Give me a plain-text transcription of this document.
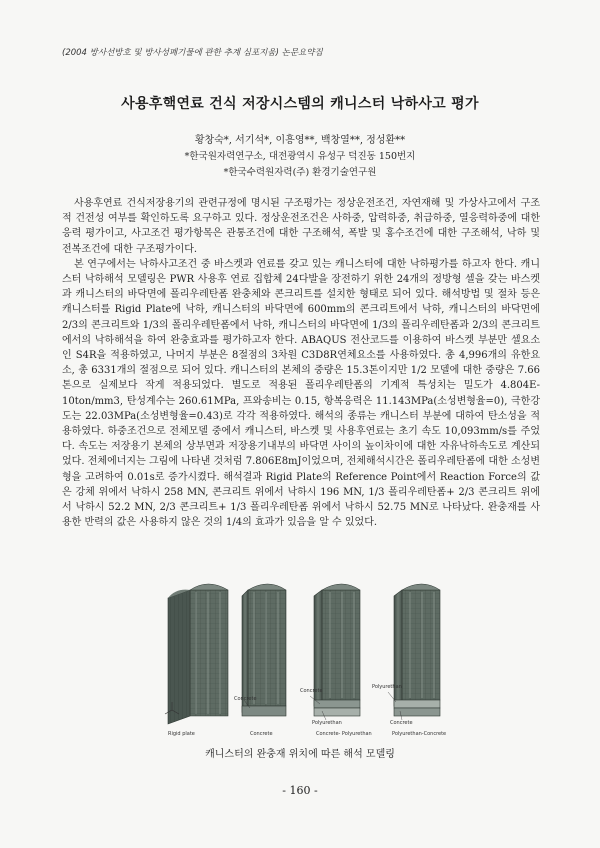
(2004 방사선방호 및 방사성폐기물에 관한 추계 심포지움) 논문요약집
사용후핵연료 건식 저장시스템의 캐니스터 낙하사고 평가
황창숙*, 서기석*, 이흥영**, 백창열**, 정성환**
*한국원자력연구소, 대전광역시 유성구 덕진동 150번지
*한국수력원자력(주) 환경기술연구원

사용후연료 건식저장용기의 관련규정에 명시된 구조평가는 정상운전조건, 자연재해 및 가상사고에서 구조적 건전성 여부를 확인하도록 요구하고 있다. 정상운전조건은 사하중, 압력하중, 취급하중, 열응력하중에 대한 응력 평가이고, 사고조건 평가항목은 관통조건에 대한 구조해석, 폭발 및 홍수조건에 대한 구조해석, 낙하 및 전복조건에 대한 구조평가이다.

본 연구에서는 낙하사고조건 중 바스켓과 연료를 갖고 있는 캐니스터에 대한 낙하평가를 하고자 한다. 캐니스터 낙하해석 모델링은 PWR 사용후 연료 집합체 24다발을 장전하기 위한 24개의 정방형 셀을 갖는 바스켓과 캐니스터의 바닥면에 폴리우레탄폼 완충체와 콘크리트를 설치한 형태로 되어 있다. 해석방법 및 절차 등은 캐니스터를 Rigid Plate에 낙하, 캐니스터의 바닥면에 600mm의 콘크리트에서 낙하, 캐니스터의 바닥면에 2/3의 콘크리트와 1/3의 폴리우레탄폼에서 낙하, 캐니스터의 바닥면에 1/3의 폴리우레탄폼과 2/3의 콘크리트에서의 낙하해석을 하여 완충효과를 평가하고자 한다. ABAQUS 전산코드를 이용하여 바스켓 부분만 셀요소인 S4R을 적용하였고, 나머지 부분은 8절점의 3차원 C3D8R연체요소를 사용하였다. 총 4,996개의 유한요소, 총 6331개의 절점으로 되어 있다. 캐니스터의 본체의 중량은 15.3톤이지만 1/2 모델에 대한 중량은 7.66톤으로 실제보다 작게 적용되었다. 별도로 적용된 폴리우레탄폼의 기계적 특성치는 밀도가 4.804E-10ton/mm3, 탄성계수는 260.61MPa, 프와송비는 0.15, 항복응력은 11.143MPa(소성변형율=0), 극한강도는 22.03MPa(소성변형율=0.43)로 각각 적용하였다. 해석의 종류는 캐니스터 부분에 대하여 탄소성을 적용하였다. 하중조건으로 전체모델 중에서 캐니스터, 바스켓 및 사용후연료는 초기 속도 10,093mm/s를 주었다. 속도는 저장용기 본체의 상부면과 저장용기내부의 바닥면 사이의 높이차이에 대한 자유낙하속도로 계산되었다. 전체에너지는 그림에 나타낸 것처럼 7.806E8mJ이었으며, 전체해석시간은 폴리우레탄폼에 대한 소성변형을 고려하여 0.01s로 증가시켰다. 해석결과 Rigid Plate의 Reference Point에서 Reaction Force의 값은 강체 위에서 낙하시 258 MN, 콘크리트 위에서 낙하시 196 MN, 1/3 폴리우레탄폼+ 2/3 콘크리트 위에서 낙하시 52.2 MN, 2/3 콘크리트+ 1/3 폴리우레탄폼 위에서 낙하시 52.75 MN로 나타났다. 완충재를 사용한 반력의 값은 사용하지 않은 것의 1/4의 효과가 있음을 알 수 있었다.

Concrete
Concrete
Polyurethan
Polyurethan
Concrete
Rigid plate	Concrete	Concrete- Polyurethan	Polyurethan-Concrete
캐니스터의 완충재 위치에 따른 해석 모델링
- 160 -
